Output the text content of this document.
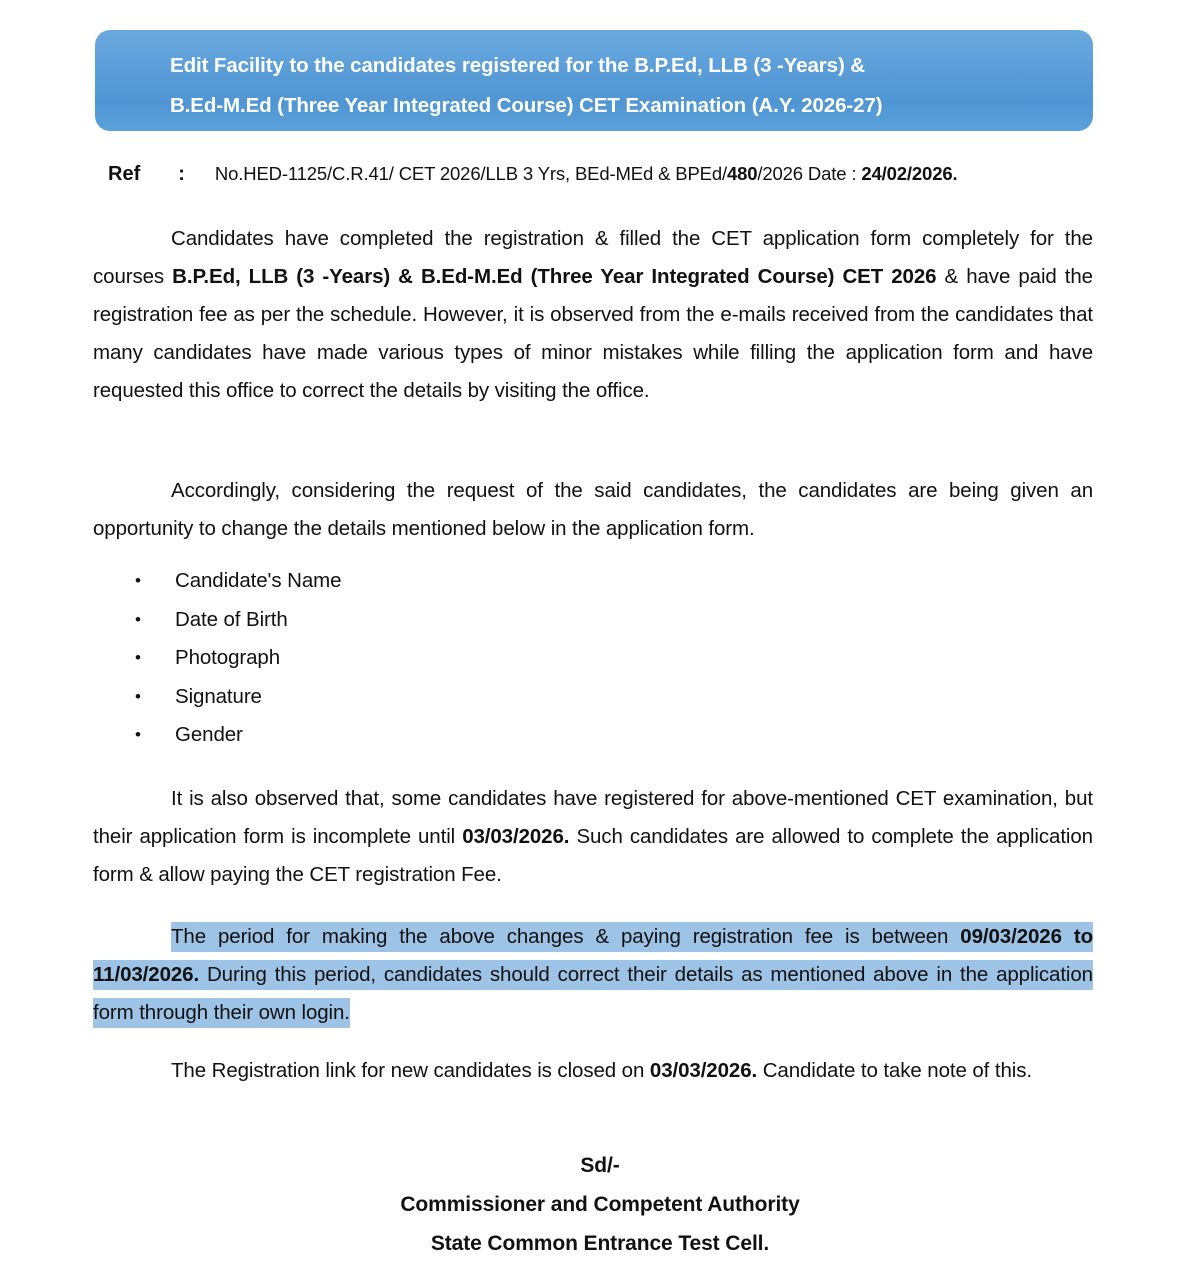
Edit Facility to the candidates registered for the B.P.Ed, LLB (3 -Years) &
B.Ed-M.Ed (Three Year Integrated Course) CET Examination (A.Y. 2026-27)
Ref : No.HED-1125/C.R.41/ CET 2026/LLB 3 Yrs, BEd-MEd & BPEd/480/2026 Date : 24/02/2026.

Candidates have completed the registration & filled the CET application form completely for the courses B.P.Ed, LLB (3 -Years) & B.Ed-M.Ed (Three Year Integrated Course) CET 2026 & have paid the registration fee as per the schedule. However, it is observed from the e-mails received from the candidates that many candidates have made various types of minor mistakes while filling the application form and have requested this office to correct the details by visiting the office.

Accordingly, considering the request of the said candidates, the candidates are being given an opportunity to change the details mentioned below in the application form.

• Candidate's Name
• Date of Birth
• Photograph
• Signature
• Gender

It is also observed that, some candidates have registered for above-mentioned CET examination, but their application form is incomplete until 03/03/2026. Such candidates are allowed to complete the application form & allow paying the CET registration Fee.

The period for making the above changes & paying registration fee is between 09/03/2026 to 11/03/2026. During this period, candidates should correct their details as mentioned above in the application form through their own login.

The Registration link for new candidates is closed on 03/03/2026. Candidate to take note of this.

Sd/-
Commissioner and Competent Authority
State Common Entrance Test Cell.
